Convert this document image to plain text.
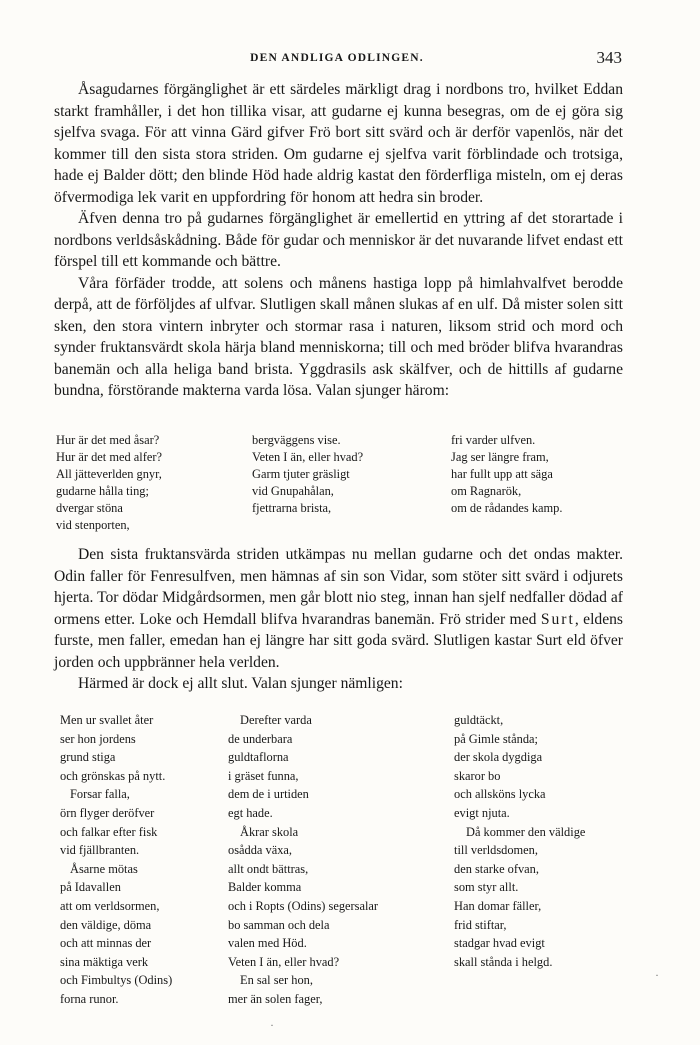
DEN ANDLIGA ODLINGEN.	343

Åsagudarnes förgänglighet är ett särdeles märkligt drag i nordbons tro, hvilket Eddan starkt framhåller, i det hon tillika visar, att gudarne ej kunna besegras, om de ej göra sig sjelfva svaga. För att vinna Gärd gifver Frö bort sitt svärd och är derför vapenlös, när det kommer till den sista stora striden. Om gudarne ej sjelfva varit förblindade och trotsiga, hade ej Balder dött; den blinde Höd hade aldrig kastat den förderfliga misteln, om ej deras öfvermodiga lek varit en uppfordring för honom att hedra sin broder.

Äfven denna tro på gudarnes förgänglighet är emellertid en yttring af det storartade i nordbons verldsåskådning. Både för gudar och menniskor är det nuvarande lifvet endast ett förspel till ett kommande och bättre.

Våra förfäder trodde, att solens och månens hastiga lopp på himlahvalfvet berodde derpå, att de förföljdes af ulfvar. Slutligen skall månen slukas af en ulf. Då mister solen sitt sken, den stora vintern inbryter och stormar rasa i naturen, liksom strid och mord och synder fruktansvärdt skola härja bland menniskorna; till och med bröder blifva hvarandras banemän och alla heliga band brista. Yggdrasils ask skälfver, och de hittills af gudarne bundna, förstörande makterna varda lösa. Valan sjunger härom:

Hur är det med åsar?
Hur är det med alfer?
All jätteverlden gnyr,
gudarne hålla ting;
dvergar stöna
vid stenporten,
bergväggens vise.
Veten I än, eller hvad?
Garm tjuter gräsligt
vid Gnupahålan,
fjettrarna brista,
fri varder ulfven.
Jag ser längre fram,
har fullt upp att säga
om Ragnarök,
om de rådandes kamp.

Den sista fruktansvärda striden utkämpas nu mellan gudarne och det ondas makter. Odin faller för Fenresulfven, men hämnas af sin son Vidar, som stöter sitt svärd i odjurets hjerta. Tor dödar Midgårdsormen, men går blott nio steg, innan han sjelf nedfaller dödad af ormens etter. Loke och Hemdall blifva hvarandras banemän. Frö strider med Surt, eldens furste, men faller, emedan han ej längre har sitt goda svärd. Slutligen kastar Surt eld öfver jorden och uppbränner hela verlden.

Härmed är dock ej allt slut. Valan sjunger nämligen:

Men ur svallet åter
ser hon jordens
grund stiga
och grönskas på nytt.
Forsar falla,
örn flyger deröfver
och falkar efter fisk
vid fjällbranten.
Åsarne mötas
på Idavallen
att om verldsormen,
den väldige, döma
och att minnas der
sina mäktiga verk
och Fimbultys (Odins)
forna runor.
Derefter varda
de underbara
guldtaflorna
i gräset funna,
dem de i urtiden
egt hade.
Åkrar skola
osådda växa,
allt ondt bättras,
Balder komma
och i Ropts (Odins) segersalar
bo samman och dela
valen med Höd.
Veten I än, eller hvad?
En sal ser hon,
mer än solen fager,
guldtäckt,
på Gimle stånda;
der skola dygdiga
skaror bo
och allsköns lycka
evigt njuta.
Då kommer den väldige
till verldsdomen,
den starke ofvan,
som styr allt.
Han domar fäller,
frid stiftar,
stadgar hvad evigt
skall stånda i helgd.
·
·
